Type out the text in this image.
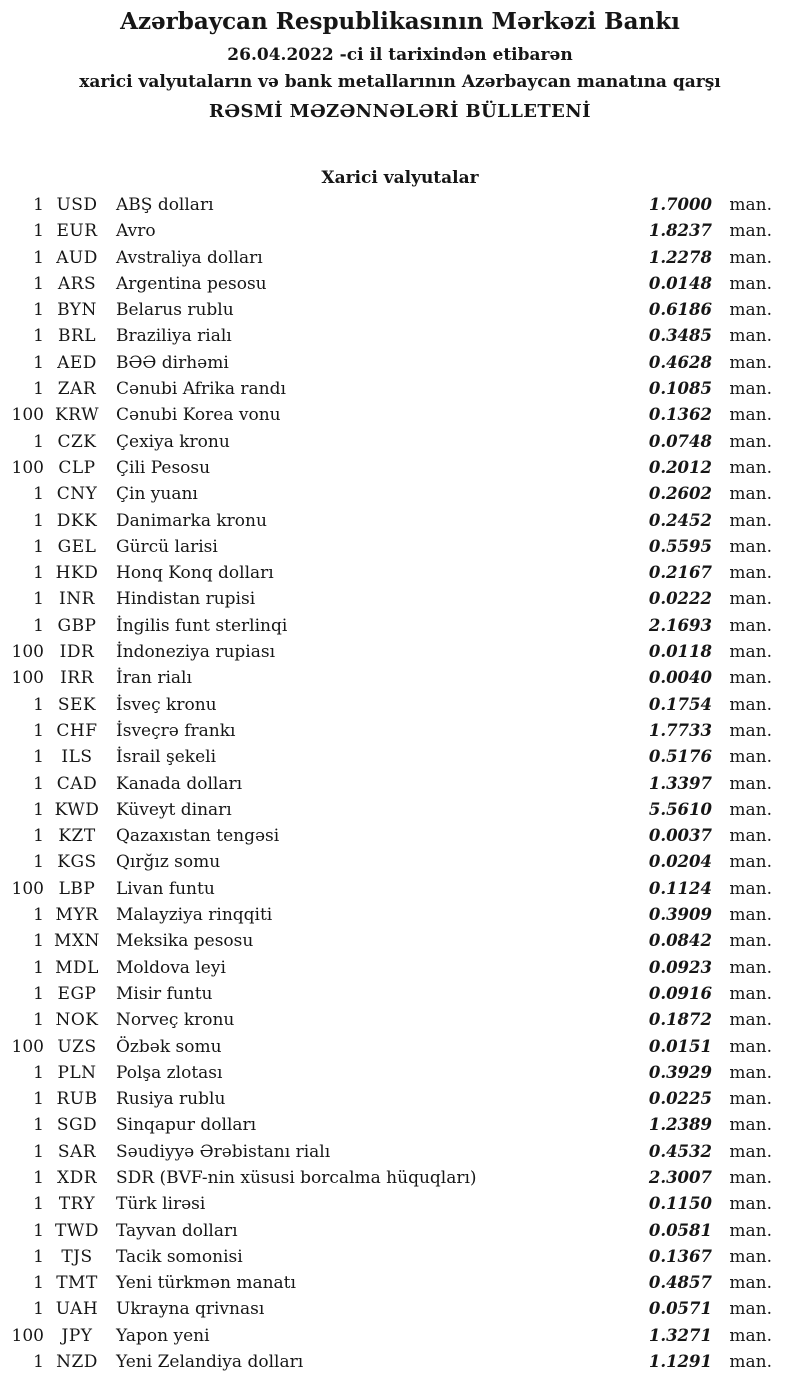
Azərbaycan Respublikasının Mərkəzi Bankı
26.04.2022 -ci il tarixindən etibarən
xarici valyutaların və bank metallarının Azərbaycan manatına qarşı
RƏSMİ MƏZƏNNƏLƏRİ BÜLLETENİ
Xarici valyutalar
1 USD	ABŞ dolları	1.7000	man.
1 EUR	Avro	1.8237	man.
1 AUD	Avstraliya dolları	1.2278	man.
1 ARS	Argentina pesosu	0.0148	man.
1 BYN	Belarus rublu	0.6186	man.
1 BRL	Braziliya rialı	0.3485	man.
1 AED	BƏƏ dirhəmi	0.4628	man.
1 ZAR	Cənubi Afrika randı	0.1085	man.
100 KRW Cənubi Korea vonu	0.1362	man.
1 CZK	Çexiya kronu	0.0748	man.
100 CLP	Çili Pesosu	0.2012	man.
1 CNY	Çin yuanı	0.2602	man.
1 DKK	Danimarka kronu	0.2452	man.
1 GEL	Gürcü larisi	0.5595	man.
1 HKD	Honq Konq dolları	0.2167	man.
1 INR	Hindistan rupisi	0.0222	man.
1 GBP	İngilis funt sterlinqi	2.1693	man.
100 IDR	İndoneziya rupiası	0.0118	man.
100 IRR	İran rialı	0.0040	man.
1 SEK	İsveç kronu	0.1754	man.
1 CHF	İsveçrə frankı	1.7733	man.
1	ILS	İsrail şekeli	0.5176	man.
1 CAD	Kanada dolları	1.3397	man.
1 KWD Küveyt dinarı	5.5610	man.
1 KZT	Qazaxıstan tengəsi	0.0037	man.
1 KGS	Qırğız somu	0.0204	man.
100 LBP	Livan funtu	0.1124	man.
1 MYR	Malayziya rinqqiti	0.3909	man.
1 MXN Meksika pesosu	0.0842	man.
1 MDL	Moldova leyi	0.0923	man.
1 EGP	Misir funtu	0.0916	man.
1 NOK	Norveç kronu	0.1872	man.
100 UZS	Özbək somu	0.0151	man.
1 PLN	Polşa zlotası	0.3929	man.
1 RUB	Rusiya rublu	0.0225	man.
1 SGD	Sinqapur dolları	1.2389	man.
1 SAR	Səudiyyə Ərəbistanı rialı	0.4532	man.
1 XDR	SDR (BVF-nin xüsusi borcalma hüquqları)	2.3007	man.
1 TRY	Türk lirəsi	0.1150	man.
1 TWD	Tayvan dolları	0.0581	man.
1	TJS	Tacik somonisi	0.1367	man.
1 TMT	Yeni türkmən manatı	0.4857	man.
1 UAH	Ukrayna qrivnası	0.0571	man.
100	JPY	Yapon yeni	1.3271	man.
1 NZD	Yeni Zelandiya dolları	1.1291	man.
